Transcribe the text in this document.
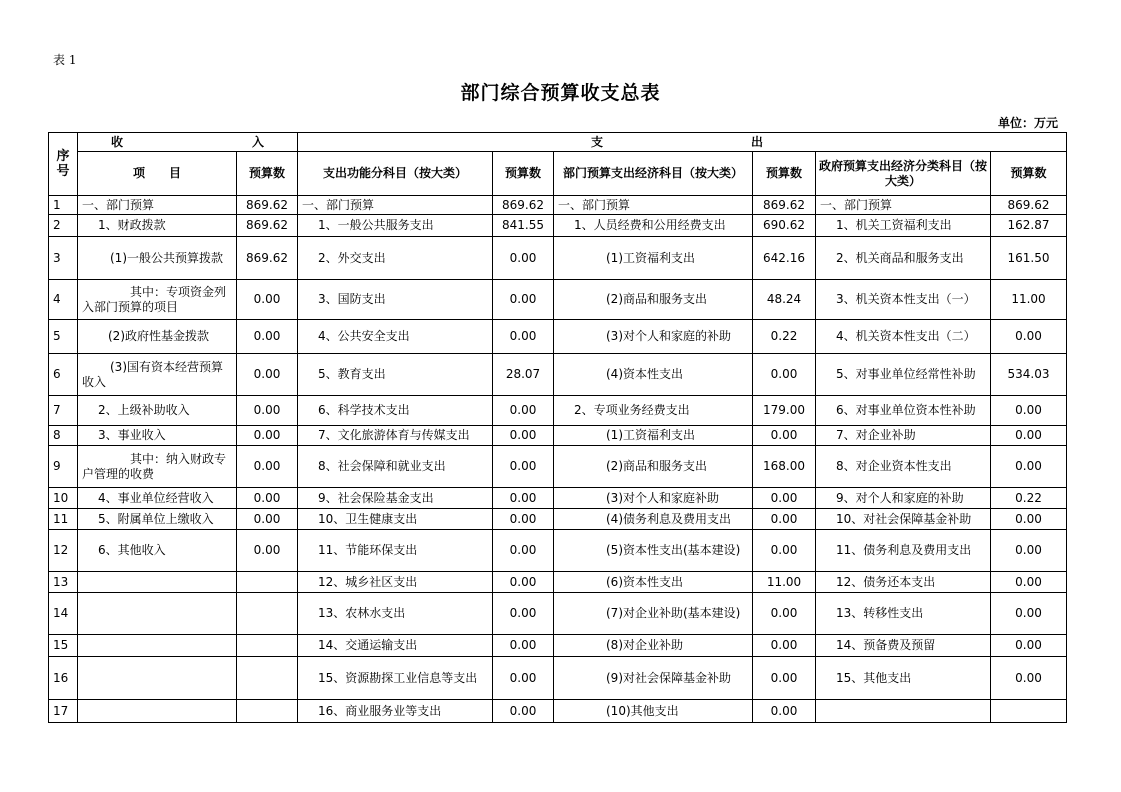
表 1
部门综合预算收支总表
单位：万元
序号	收 入		支 出					

	项　　目	预算数	支出功能分科目（按大类）	预算数	部门预算支出经济科目（按大类）	预算数	政府预算支出经济分类科目（按大类）	预算数
1	一、部门预算	869.62	一、部门预算	869.62	一、部门预算	869.62	一、部门预算	869.62
2	1、财政拨款	869.62	1、一般公共服务支出	841.55	1、人员经费和公用经费支出	690.62	1、机关工资福利支出	162.87
3	(1)一般公共预算拨款	869.62	2、外交支出	0.00	(1)工资福利支出	642.16	2、机关商品和服务支出	161.50
4	其中：专项资金列入部门预算的项目	0.00	3、国防支出	0.00	(2)商品和服务支出	48.24	3、机关资本性支出（一）	11.00
5	(2)政府性基金拨款	0.00	4、公共安全支出	0.00	(3)对个人和家庭的补助	0.22	4、机关资本性支出（二）	0.00
6	(3)国有资本经营预算收入	0.00	5、教育支出	28.07	(4)资本性支出	0.00	5、对事业单位经常性补助	534.03
7	2、上级补助收入	0.00	6、科学技术支出	0.00	2、专项业务经费支出	179.00	6、对事业单位资本性补助	0.00
8	3、事业收入	0.00	7、文化旅游体育与传媒支出	0.00	(1)工资福利支出	0.00	7、对企业补助	0.00
9	其中：纳入财政专户管理的收费	0.00	8、社会保障和就业支出	0.00	(2)商品和服务支出	168.00	8、对企业资本性支出	0.00
10	4、事业单位经营收入	0.00	9、社会保险基金支出	0.00	(3)对个人和家庭补助	0.00	9、对个人和家庭的补助	0.22
11	5、附属单位上缴收入	0.00	10、卫生健康支出	0.00	(4)债务利息及费用支出	0.00	10、对社会保障基金补助	0.00
12	6、其他收入	0.00	11、节能环保支出	0.00	(5)资本性支出(基本建设)	0.00	11、债务利息及费用支出	0.00
13			12、城乡社区支出	0.00	(6)资本性支出	11.00	12、债务还本支出	0.00
14			13、农林水支出	0.00	(7)对企业补助(基本建设)	0.00	13、转移性支出	0.00
15			14、交通运输支出	0.00	(8)对企业补助	0.00	14、预备费及预留	0.00
16			15、资源勘探工业信息等支出	0.00	(9)对社会保障基金补助	0.00	15、其他支出	0.00
17			16、商业服务业等支出	0.00	(10)其他支出	0.00		
